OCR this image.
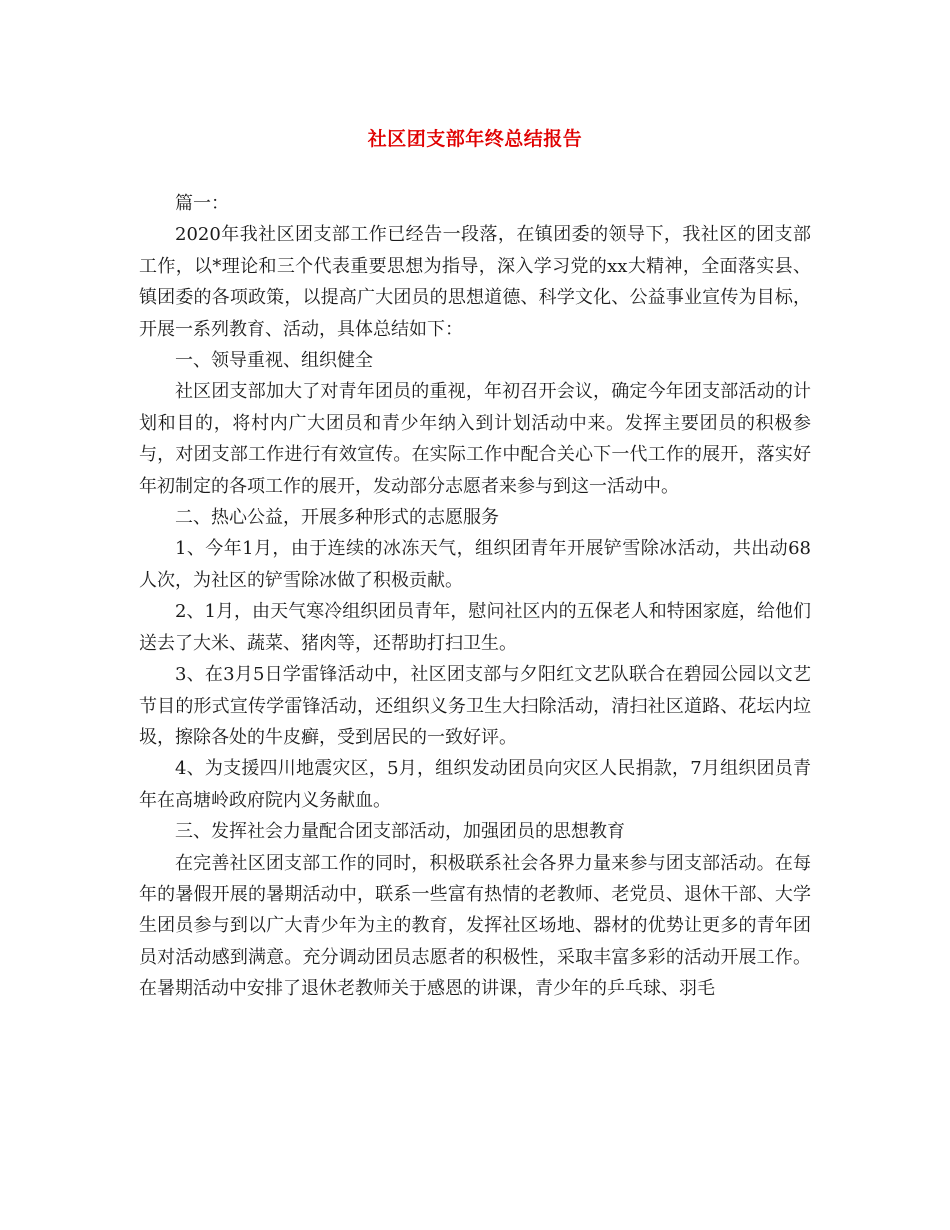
社区团支部年终总结报告

篇一：

2020年我社区团支部工作已经告一段落，在镇团委的领导下，我社区的团支部工作，以*理论和三个代表重要思想为指导，深入学习党的xx大精神，全面落实县、镇团委的各项政策，以提高广大团员的思想道德、科学文化、公益事业宣传为目标，开展一系列教育、活动，具体总结如下：

一、领导重视、组织健全

社区团支部加大了对青年团员的重视，年初召开会议，确定今年团支部活动的计划和目的，将村内广大团员和青少年纳入到计划活动中来。发挥主要团员的积极参与，对团支部工作进行有效宣传。在实际工作中配合关心下一代工作的展开，落实好年初制定的各项工作的展开，发动部分志愿者来参与到这一活动中。

二、热心公益，开展多种形式的志愿服务

1、今年1月，由于连续的冰冻天气，组织团青年开展铲雪除冰活动，共出动68人次，为社区的铲雪除冰做了积极贡献。

2、1月，由天气寒冷组织团员青年，慰问社区内的五保老人和特困家庭，给他们送去了大米、蔬菜、猪肉等，还帮助打扫卫生。

3、在3月5日学雷锋活动中，社区团支部与夕阳红文艺队联合在碧园公园以文艺节目的形式宣传学雷锋活动，还组织义务卫生大扫除活动，清扫社区道路、花坛内垃圾，擦除各处的牛皮癣，受到居民的一致好评。

4、为支援四川地震灾区，5月，组织发动团员向灾区人民捐款，7月组织团员青年在高塘岭政府院内义务献血。

三、发挥社会力量配合团支部活动，加强团员的思想教育

在完善社区团支部工作的同时，积极联系社会各界力量来参与团支部活动。在每年的暑假开展的暑期活动中，联系一些富有热情的老教师、老党员、退休干部、大学生团员参与到以广大青少年为主的教育，发挥社区场地、器材的优势让更多的青年团员对活动感到满意。充分调动团员志愿者的积极性，采取丰富多彩的活动开展工作。在暑期活动中安排了退休老教师关于感恩的讲课，青少年的乒乓球、羽毛
